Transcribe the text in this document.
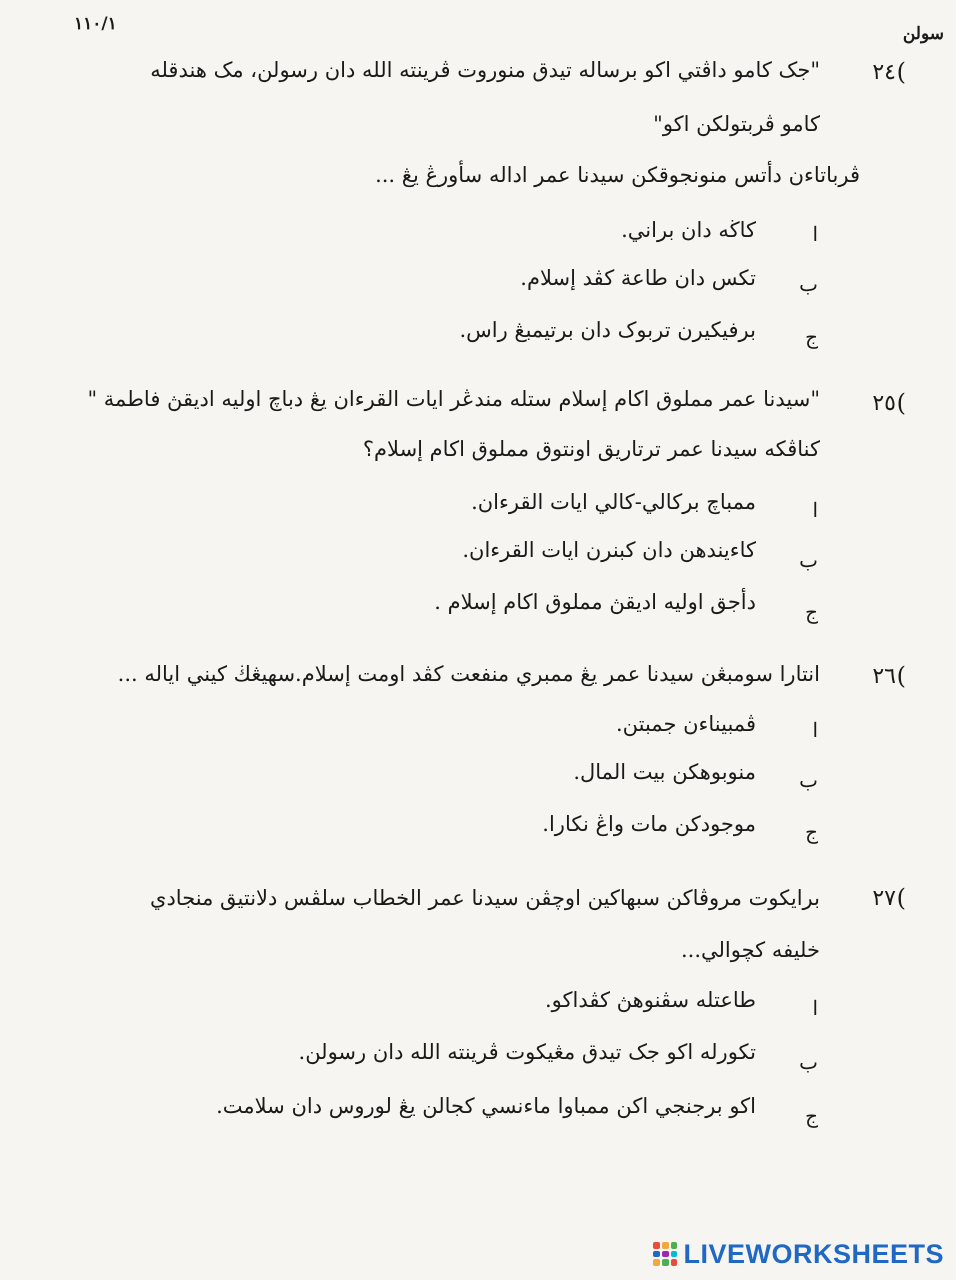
١١٠/١	سولن
٢٤ (
"جک کامو داڤتي اکو برساله تيدق منوروت ڤرينته الله دان رسولن، مک هندقله
کامو ڤربتولکن اکو"
ڤرباتاءن دأتس منونجوقکن سيدنا عمر اداله سأورڠ يڠ ...
ا
کاڬه دان براني.
ب
تکس دان طاعة کڤد إسلام.
ج
برفيکيرن تربوک دان برتيمبڠ راس.
٢٥ (
"سيدنا عمر مملوق اکام إسلام ستله مندڠر ايات القرءان يڠ دباچ اوليه اديقڽ فاطمة "
کناڤکه سيدنا عمر ترتاريق اونتوق مملوق اکام إسلام؟
ا
ممباچ برکالي-کالي ايات القرءان.
ب
کاءيندهن دان کبنرن ايات القرءان.
ج
دأجق اوليه اديقڽ مملوق اکام إسلام .
٢٦ (
انتارا سومبڠن سيدنا عمر يڠ ممبري منفعت کڤد اومت إسلام.سهيڠڬ کيني اياله ...
ا
ڤمبيناءن جمبتن.
ب
منوبوهکن بيت المال.
ج
موجودکن مات واڠ نکارا.
٢٧ (
برايکوت مروڤاکن سبهاکين اوچڤن سيدنا عمر الخطاب سلڤس دلانتيق منجادي
خليفه کچوالي...
ا
طاعتله سڤنوهڽ کڤداکو.
ب
تکورله اکو جک تيدق مڠيکوت ڤرينته الله دان رسولن.
ج
اکو برجنجي اکن ممباوا ماءنسي کجالن يڠ لوروس دان سلامت.
LIVEWORKSHEETS
